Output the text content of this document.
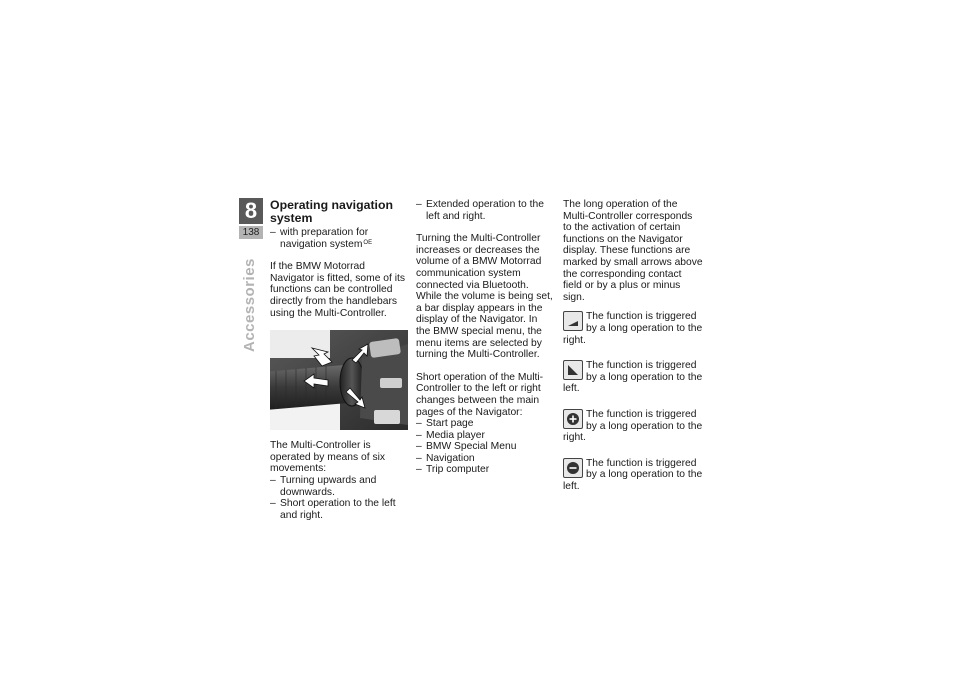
8
138
Accessories
Operating navigation system
– with preparation for navigation system$^{OE}$

If the BMW Motorrad Navigator is fitted, some of its functions can be controlled directly from the handlebars using the Multi-Controller.

The Multi-Controller is operated by means of six movements:

– Turning upwards and downwards.
– Short operation to the left and right.
– Extended operation to the left and right.

Turning the Multi-Controller increases or decreases the volume of a BMW Motorrad communication system connected via Bluetooth. While the volume is being set, a bar display appears in the display of the Navigator. In the BMW special menu, the menu items are selected by turning the Multi-Controller.

Short operation of the Multi-Controller to the left or right changes between the main pages of the Navigator:

– Start page
– Media player
– BMW Special Menu
– Navigation
– Trip computer

The long operation of the Multi-Controller corresponds to the activation of certain functions on the Navigator display. These functions are marked by small arrows above the corresponding contact field or by a plus or minus sign.

The function is triggered by a long operation to the right.
The function is triggered by a long operation to the left.
The function is triggered by a long operation to the right.
The function is triggered by a long operation to the left.
